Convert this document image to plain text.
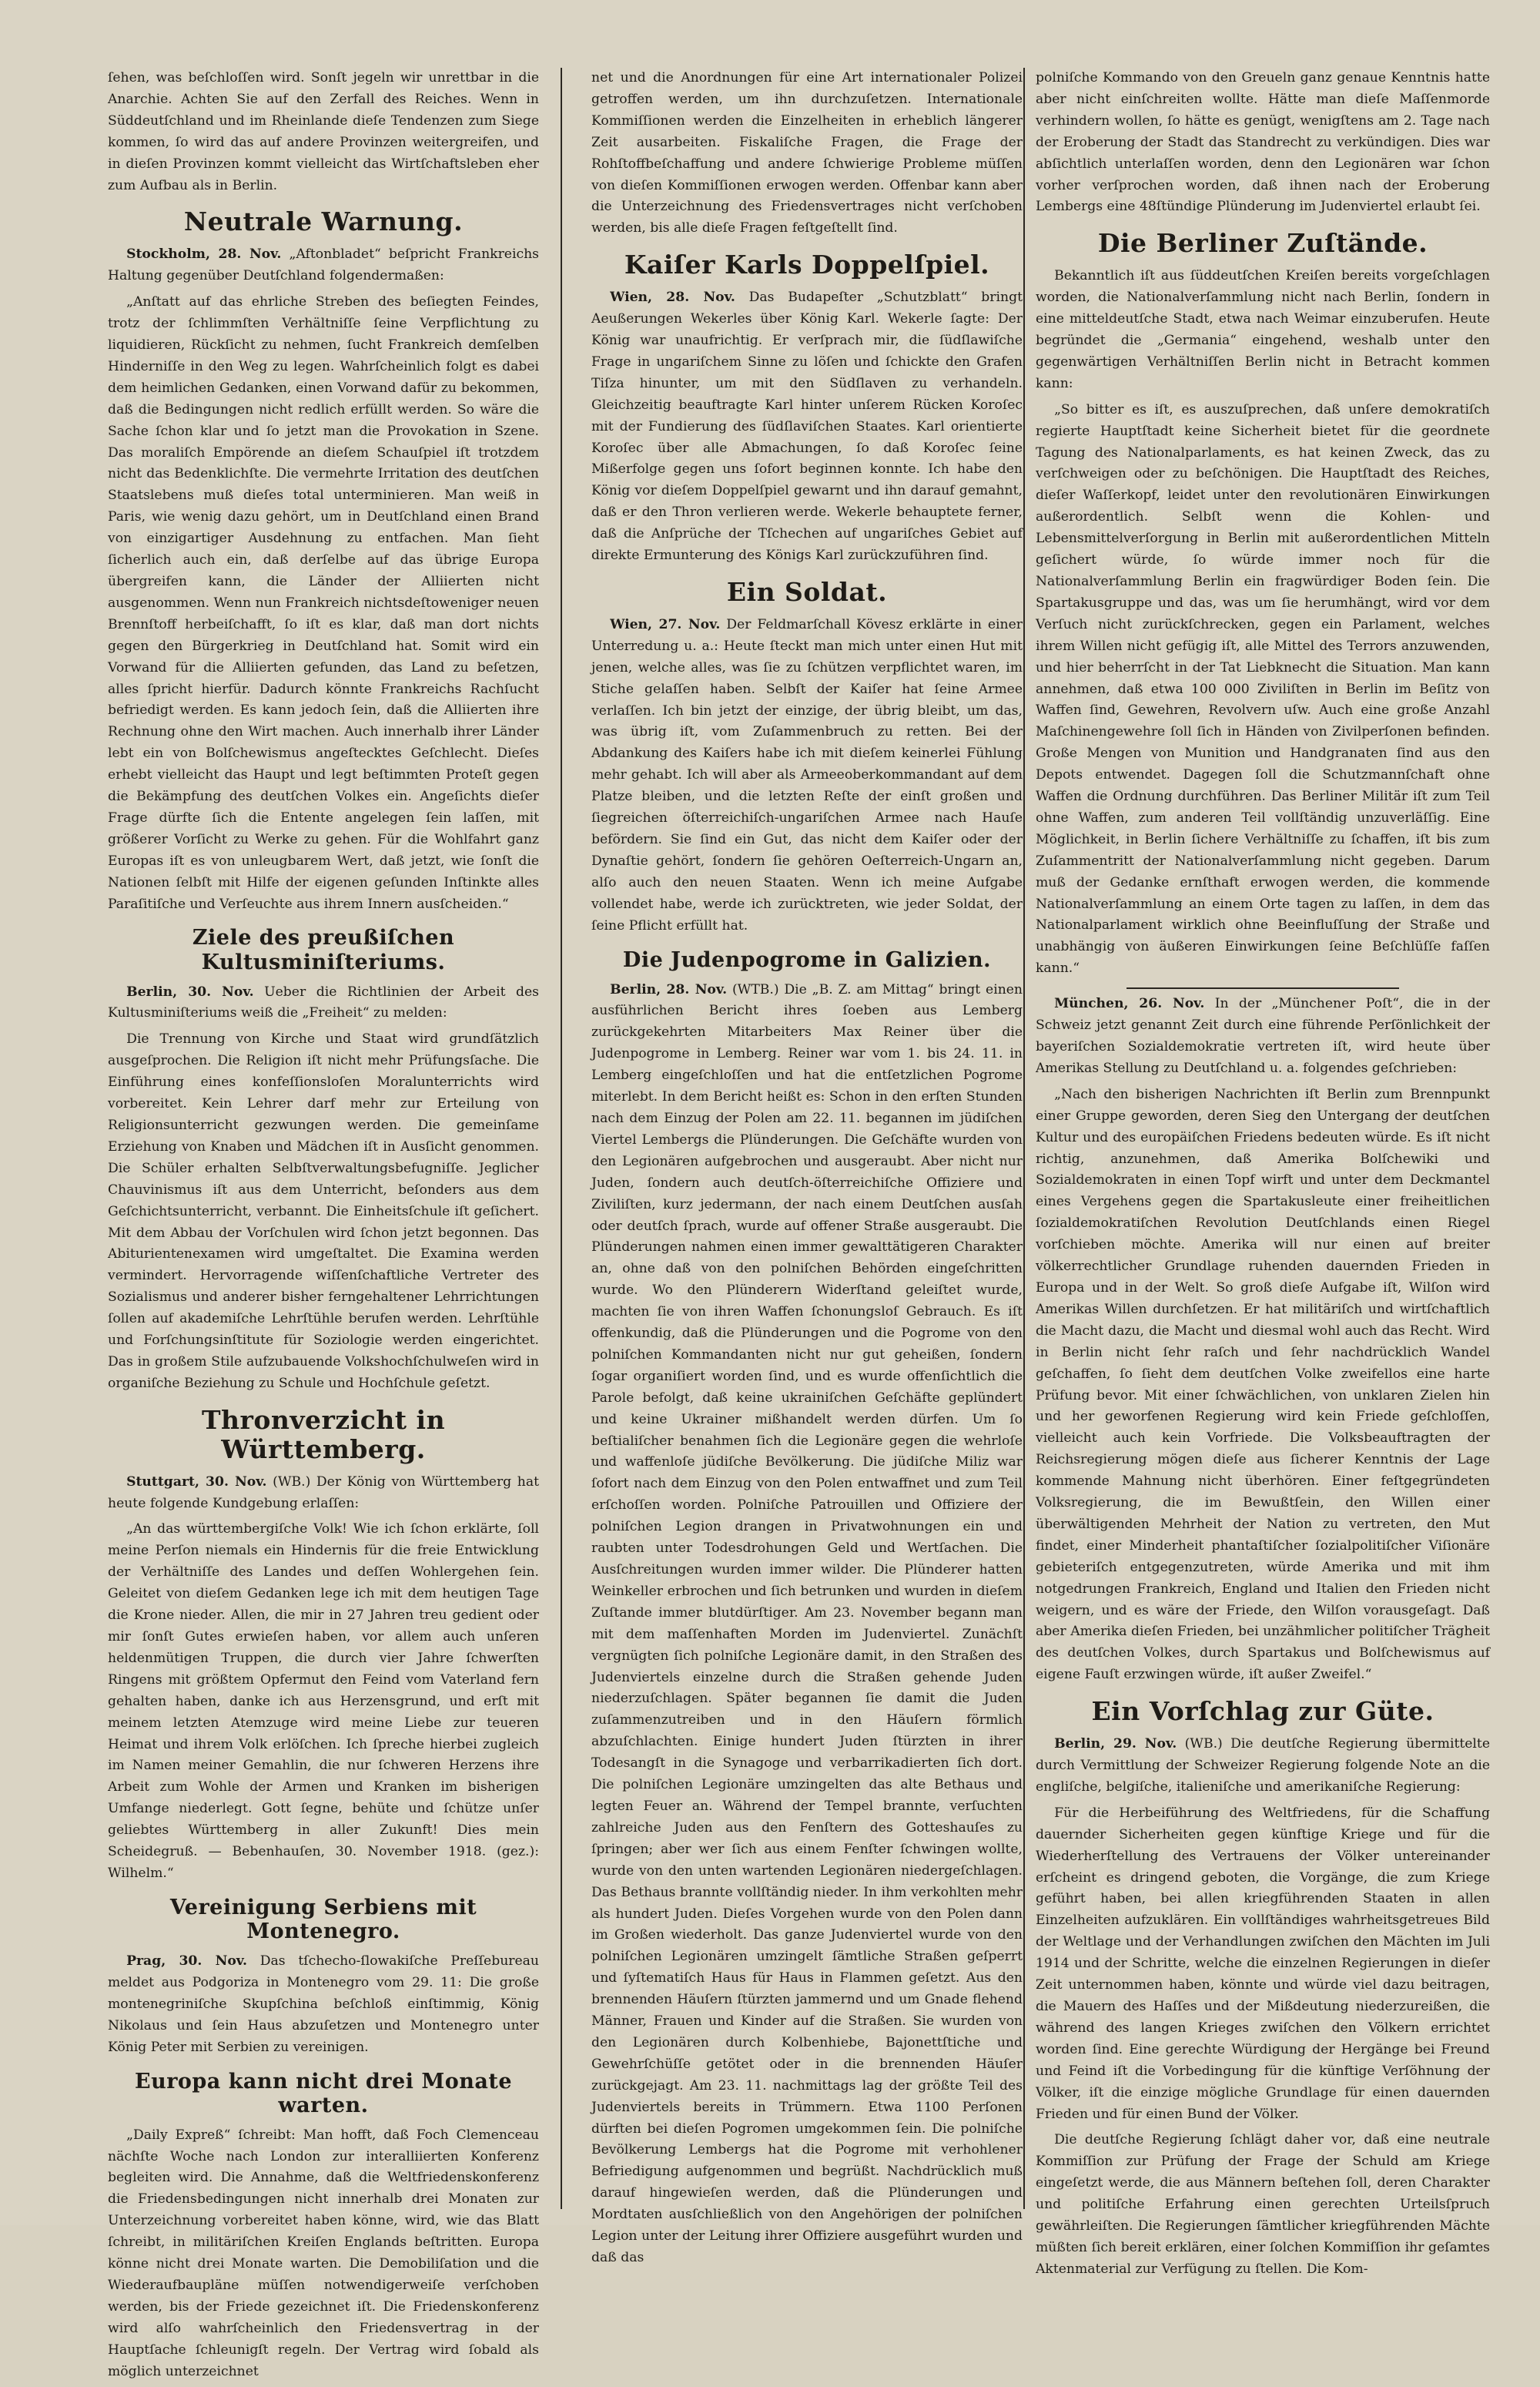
ſehen, was beſchloſſen wird. Sonſt jegeln wir unrettbar in die Anarchie. Achten Sie auf den Zerfall des Reiches. Wenn in Süddeutſchland und im Rheinlande dieſe Tendenzen zum Siege kommen, ſo wird das auf andere Provinzen weitergreifen, und in dieſen Provinzen kommt vielleicht das Wirtſchaftsleben eher zum Aufbau als in Berlin.

Neutrale Warnung.

Stockholm, 28. Nov. „Aftonbladet“ beſpricht Frankreichs Haltung gegenüber Deutſchland folgendermaßen:

„Anſtatt auf das ehrliche Streben des beſiegten Feindes, trotz der ſchlimmſten Verhältniſſe ſeine Verpflichtung zu liquidieren, Rückſicht zu nehmen, ſucht Frankreich demſelben Hinderniſſe in den Weg zu legen. Wahrſcheinlich folgt es dabei dem heimlichen Gedanken, einen Vorwand dafür zu bekommen, daß die Bedingungen nicht redlich erfüllt werden. So wäre die Sache ſchon klar und ſo jetzt man die Provokation in Szene. Das moraliſch Empörende an dieſem Schauſpiel iſt trotzdem nicht das Bedenklichſte. Die vermehrte Irritation des deutſchen Staatslebens muß dieſes total unterminieren. Man weiß in Paris, wie wenig dazu gehört, um in Deutſchland einen Brand von einzigartiger Ausdehnung zu entfachen. Man ſieht ſicherlich auch ein, daß derſelbe auf das übrige Europa übergreifen kann, die Länder der Alliierten nicht ausgenommen. Wenn nun Frankreich nichtsdeſtoweniger neuen Brennſtoff herbeiſchafft, ſo iſt es klar, daß man dort nichts gegen den Bürgerkrieg in Deutſchland hat. Somit wird ein Vorwand für die Alliierten gefunden, das Land zu beſetzen, alles ſpricht hierfür. Dadurch könnte Frankreichs Rachſucht befriedigt werden. Es kann jedoch ſein, daß die Alliierten ihre Rechnung ohne den Wirt machen. Auch innerhalb ihrer Länder lebt ein von Bolſchewismus angeſtecktes Geſchlecht. Dieſes erhebt vielleicht das Haupt und legt beſtimmten Proteſt gegen die Bekämpfung des deutſchen Volkes ein. Angeſichts dieſer Frage dürfte ſich die Entente angelegen ſein laſſen, mit größerer Vorſicht zu Werke zu gehen. Für die Wohlfahrt ganz Europas iſt es von unleugbarem Wert, daß jetzt, wie ſonſt die Nationen ſelbſt mit Hilfe der eigenen geſunden Inſtinkte alles Paraſitiſche und Verſeuchte aus ihrem Innern ausſcheiden.“

Ziele des preußiſchen Kultusminiſteriums.

Berlin, 30. Nov. Ueber die Richtlinien der Arbeit des Kultusminiſteriums weiß die „Freiheit“ zu melden:

Die Trennung von Kirche und Staat wird grundſätzlich ausgeſprochen. Die Religion iſt nicht mehr Prüfungsſache. Die Einführung eines konfeſſionsloſen Moralunterrichts wird vorbereitet. Kein Lehrer darf mehr zur Erteilung von Religionsunterricht gezwungen werden. Die gemeinſame Erziehung von Knaben und Mädchen iſt in Ausſicht genommen. Die Schüler erhalten Selbſtverwaltungsbefugniſſe. Jeglicher Chauvinismus iſt aus dem Unterricht, beſonders aus dem Geſchichtsunterricht, verbannt. Die Einheitsſchule iſt geſichert. Mit dem Abbau der Vorſchulen wird ſchon jetzt begonnen. Das Abiturientenexamen wird umgeſtaltet. Die Examina werden vermindert. Hervorragende wiſſenſchaftliche Vertreter des Sozialismus und anderer bisher ferngehaltener Lehrrichtungen ſollen auf akademiſche Lehrſtühle berufen werden. Lehrſtühle und Forſchungsinſtitute für Soziologie werden eingerichtet. Das in großem Stile aufzubauende Volkshochſchulweſen wird in organiſche Beziehung zu Schule und Hochſchule geſetzt.

Thronverzicht in Württemberg.

Stuttgart, 30. Nov. (WB.) Der König von Württemberg hat heute folgende Kundgebung erlaſſen:

„An das württembergiſche Volk! Wie ich ſchon erklärte, ſoll meine Perſon niemals ein Hindernis für die freie Entwicklung der Verhältniſſe des Landes und deſſen Wohlergehen ſein. Geleitet von dieſem Gedanken lege ich mit dem heutigen Tage die Krone nieder. Allen, die mir in 27 Jahren treu gedient oder mir ſonſt Gutes erwieſen haben, vor allem auch unſeren heldenmütigen Truppen, die durch vier Jahre ſchwerſten Ringens mit größtem Opfermut den Feind vom Vaterland fern gehalten haben, danke ich aus Herzensgrund, und erſt mit meinem letzten Atemzuge wird meine Liebe zur teueren Heimat und ihrem Volk erlöſchen. Ich ſpreche hierbei zugleich im Namen meiner Gemahlin, die nur ſchweren Herzens ihre Arbeit zum Wohle der Armen und Kranken im bisherigen Umfange niederlegt. Gott ſegne, behüte und ſchütze unſer geliebtes Württemberg in aller Zukunft! Dies mein Scheidegruß. — Bebenhauſen, 30. November 1918. (gez.): Wilhelm.“

Vereinigung Serbiens mit Montenegro.

Prag, 30. Nov. Das tſchecho-ſlowakiſche Preſſebureau meldet aus Podgoriza in Montenegro vom 29. 11: Die große montenegriniſche Skupſchina beſchloß einſtimmig, König Nikolaus und ſein Haus abzuſetzen und Montenegro unter König Peter mit Serbien zu vereinigen.

Europa kann nicht drei Monate warten.

„Daily Expreß“ ſchreibt: Man hofft, daß Foch Clemenceau nächſte Woche nach London zur interalliierten Konferenz begleiten wird. Die Annahme, daß die Weltfriedenskonferenz die Friedensbedingungen nicht innerhalb drei Monaten zur Unterzeichnung vorbereitet haben könne, wird, wie das Blatt ſchreibt, in militäriſchen Kreiſen Englands beſtritten. Europa könne nicht drei Monate warten. Die Demobiliſation und die Wiederaufbaupläne müſſen notwendigerweiſe verſchoben werden, bis der Friede gezeichnet iſt. Die Friedenskonferenz wird alſo wahrſcheinlich den Friedensvertrag in der Hauptſache ſchleunigſt regeln. Der Vertrag wird ſobald als möglich unterzeichnet

net und die Anordnungen für eine Art internationaler Polizei getroffen werden, um ihn durchzuſetzen. Internationale Kommiſſionen werden die Einzelheiten in erheblich längerer Zeit ausarbeiten. Fiskaliſche Fragen, die Frage der Rohſtoffbeſchaffung und andere ſchwierige Probleme müſſen von dieſen Kommiſſionen erwogen werden. Offenbar kann aber die Unterzeichnung des Friedensvertrages nicht verſchoben werden, bis alle dieſe Fragen feſtgeſtellt ſind.

Kaiſer Karls Doppelſpiel.

Wien, 28. Nov. Das Budapeſter „Schutzblatt“ bringt Aeußerungen Wekerles über König Karl. Wekerle ſagte: Der König war unaufrichtig. Er verſprach mir, die ſüdſlawiſche Frage in ungariſchem Sinne zu löſen und ſchickte den Grafen Tiſza hinunter, um mit den Südſlaven zu verhandeln. Gleichzeitig beauftragte Karl hinter unſerem Rücken Koroſec mit der Fundierung des ſüdſlaviſchen Staates. Karl orientierte Koroſec über alle Abmachungen, ſo daß Koroſec ſeine Mißerfolge gegen uns ſofort beginnen konnte. Ich habe den König vor dieſem Doppelſpiel gewarnt und ihn darauf gemahnt, daß er den Thron verlieren werde. Wekerle behauptete ferner, daß die Anſprüche der Tſchechen auf ungariſches Gebiet auf direkte Ermunterung des Königs Karl zurückzuführen ſind.

Ein Soldat.

Wien, 27. Nov. Der Feldmarſchall Kövesz erklärte in einer Unterredung u. a.: Heute ſteckt man mich unter einen Hut mit jenen, welche alles, was ſie zu ſchützen verpflichtet waren, im Stiche gelaſſen haben. Selbſt der Kaiſer hat ſeine Armee verlaſſen. Ich bin jetzt der einzige, der übrig bleibt, um das, was übrig iſt, vom Zuſammenbruch zu retten. Bei der Abdankung des Kaiſers habe ich mit dieſem keinerlei Fühlung mehr gehabt. Ich will aber als Armeeoberkommandant auf dem Platze bleiben, und die letzten Reſte der einſt großen und ſiegreichen öſterreichiſch-ungariſchen Armee nach Hauſe befördern. Sie ſind ein Gut, das nicht dem Kaiſer oder der Dynaſtie gehört, ſondern ſie gehören Oeſterreich-Ungarn an, alſo auch den neuen Staaten. Wenn ich meine Aufgabe vollendet habe, werde ich zurücktreten, wie jeder Soldat, der ſeine Pflicht erfüllt hat.

Die Judenpogrome in Galizien.

Berlin, 28. Nov. (WTB.) Die „B. Z. am Mittag“ bringt einen ausführlichen Bericht ihres ſoeben aus Lemberg zurückgekehrten Mitarbeiters Max Reiner über die Judenpogrome in Lemberg. Reiner war vom 1. bis 24. 11. in Lemberg eingeſchloſſen und hat die entſetzlichen Pogrome miterlebt. In dem Bericht heißt es: Schon in den erſten Stunden nach dem Einzug der Polen am 22. 11. begannen im jüdiſchen Viertel Lembergs die Plünderungen. Die Geſchäfte wurden von den Legionären aufgebrochen und ausgeraubt. Aber nicht nur Juden, ſondern auch deutſch-öſterreichiſche Offiziere und Ziviliſten, kurz jedermann, der nach einem Deutſchen ausſah oder deutſch ſprach, wurde auf offener Straße ausgeraubt. Die Plünderungen nahmen einen immer gewalttätigeren Charakter an, ohne daß von den polniſchen Behörden eingeſchritten wurde. Wo den Plünderern Widerſtand geleiſtet wurde, machten ſie von ihren Waffen ſchonungsloſ Gebrauch. Es iſt offenkundig, daß die Plünderungen und die Pogrome von den polniſchen Kommandanten nicht nur gut geheißen, ſondern ſogar organiſiert worden ſind, und es wurde offenſichtlich die Parole befolgt, daß keine ukrainiſchen Geſchäfte geplündert und keine Ukrainer mißhandelt werden dürfen. Um ſo beſtialiſcher benahmen ſich die Legionäre gegen die wehrloſe und waffenloſe jüdiſche Bevölkerung. Die jüdiſche Miliz war ſofort nach dem Einzug von den Polen entwaffnet und zum Teil erſchoſſen worden. Polniſche Patrouillen und Offiziere der polniſchen Legion drangen in Privatwohnungen ein und raubten unter Todesdrohungen Geld und Wertſachen. Die Ausſchreitungen wurden immer wilder. Die Plünderer hatten Weinkeller erbrochen und ſich betrunken und wurden in dieſem Zuſtande immer blutdürſtiger. Am 23. November begann man mit dem maſſenhaften Morden im Judenviertel. Zunächſt vergnügten ſich polniſche Legionäre damit, in den Straßen des Judenviertels einzelne durch die Straßen gehende Juden niederzuſchlagen. Später begannen ſie damit die Juden zuſammenzutreiben und in den Häuſern förmlich abzuſchlachten. Einige hundert Juden ſtürzten in ihrer Todesangſt in die Synagoge und verbarrikadierten ſich dort. Die polniſchen Legionäre umzingelten das alte Bethaus und legten Feuer an. Während der Tempel brannte, verſuchten zahlreiche Juden aus den Fenſtern des Gotteshauſes zu ſpringen; aber wer ſich aus einem Fenſter ſchwingen wollte, wurde von den unten wartenden Legionären niedergeſchlagen. Das Bethaus brannte vollſtändig nieder. In ihm verkohlten mehr als hundert Juden. Dieſes Vorgehen wurde von den Polen dann im Großen wiederholt. Das ganze Judenviertel wurde von den polniſchen Legionären umzingelt ſämtliche Straßen geſperrt und ſyſtematiſch Haus für Haus in Flammen geſetzt. Aus den brennenden Häuſern ſtürzten jammernd und um Gnade flehend Männer, Frauen und Kinder auf die Straßen. Sie wurden von den Legionären durch Kolbenhiebe, Bajonettſtiche und Gewehrſchüſſe getötet oder in die brennenden Häuſer zurückgejagt. Am 23. 11. nachmittags lag der größte Teil des Judenviertels bereits in Trümmern. Etwa 1100 Perſonen dürften bei dieſen Pogromen umgekommen ſein. Die polniſche Bevölkerung Lembergs hat die Pogrome mit verhohlener Befriedigung aufgenommen und begrüßt. Nachdrücklich muß darauf hingewieſen werden, daß die Plünderungen und Mordtaten ausſchließlich von den Angehörigen der polniſchen Legion unter der Leitung ihrer Offiziere ausgeführt wurden und daß das

polniſche Kommando von den Greueln ganz genaue Kenntnis hatte aber nicht einſchreiten wollte. Hätte man dieſe Maſſenmorde verhindern wollen, ſo hätte es genügt, wenigſtens am 2. Tage nach der Eroberung der Stadt das Standrecht zu verkündigen. Dies war abſichtlich unterlaſſen worden, denn den Legionären war ſchon vorher verſprochen worden, daß ihnen nach der Eroberung Lembergs eine 48ſtündige Plünderung im Judenviertel erlaubt ſei.

Die Berliner Zuſtände.

Bekanntlich iſt aus ſüddeutſchen Kreiſen bereits vorgeſchlagen worden, die Nationalverſammlung nicht nach Berlin, ſondern in eine mitteldeutſche Stadt, etwa nach Weimar einzuberufen. Heute begründet die „Germania“ eingehend, weshalb unter den gegenwärtigen Verhältniſſen Berlin nicht in Betracht kommen kann:

„So bitter es iſt, es auszuſprechen, daß unſere demokratiſch regierte Hauptſtadt keine Sicherheit bietet für die geordnete Tagung des Nationalparlaments, es hat keinen Zweck, das zu verſchweigen oder zu beſchönigen. Die Hauptſtadt des Reiches, dieſer Waſſerkopf, leidet unter den revolutionären Einwirkungen außerordentlich. Selbſt wenn die Kohlen- und Lebensmittelverſorgung in Berlin mit außerordentlichen Mitteln geſichert würde, ſo würde immer noch für die Nationalverſammlung Berlin ein fragwürdiger Boden ſein. Die Spartakusgruppe und das, was um ſie herumhängt, wird vor dem Verſuch nicht zurückſchrecken, gegen ein Parlament, welches ihrem Willen nicht gefügig iſt, alle Mittel des Terrors anzuwenden, und hier beherrſcht in der Tat Liebknecht die Situation. Man kann annehmen, daß etwa 100 000 Ziviliſten in Berlin im Beſitz von Waffen ſind, Gewehren, Revolvern uſw. Auch eine große Anzahl Maſchinengewehre ſoll ſich in Händen von Zivilperſonen befinden. Große Mengen von Munition und Handgranaten ſind aus den Depots entwendet. Dagegen ſoll die Schutzmannſchaft ohne Waffen die Ordnung durchführen. Das Berliner Militär iſt zum Teil ohne Waffen, zum anderen Teil vollſtändig unzuverläſſig. Eine Möglichkeit, in Berlin ſichere Verhältniſſe zu ſchaffen, iſt bis zum Zuſammentritt der Nationalverſammlung nicht gegeben. Darum muß der Gedanke ernſthaft erwogen werden, die kommende Nationalverſammlung an einem Orte tagen zu laſſen, in dem das Nationalparlament wirklich ohne Beeinfluſſung der Straße und unabhängig von äußeren Einwirkungen ſeine Beſchlüſſe faſſen kann.“

München, 26. Nov. In der „Münchener Poſt“, die in der Schweiz jetzt genannt Zeit durch eine führende Perſönlichkeit der bayeriſchen Sozialdemokratie vertreten iſt, wird heute über Amerikas Stellung zu Deutſchland u. a. folgendes geſchrieben:

„Nach den bisherigen Nachrichten iſt Berlin zum Brennpunkt einer Gruppe geworden, deren Sieg den Untergang der deutſchen Kultur und des europäiſchen Friedens bedeuten würde. Es iſt nicht richtig, anzunehmen, daß Amerika Bolſchewiki und Sozialdemokraten in einen Topf wirft und unter dem Deckmantel eines Vergehens gegen die Spartakusleute einer freiheitlichen ſozialdemokratiſchen Revolution Deutſchlands einen Riegel vorſchieben möchte. Amerika will nur einen auf breiter völkerrechtlicher Grundlage ruhenden dauernden Frieden in Europa und in der Welt. So groß dieſe Aufgabe iſt, Wilſon wird Amerikas Willen durchſetzen. Er hat militäriſch und wirtſchaftlich die Macht dazu, die Macht und diesmal wohl auch das Recht. Wird in Berlin nicht ſehr raſch und ſehr nachdrücklich Wandel geſchaffen, ſo ſieht dem deutſchen Volke zweifellos eine harte Prüfung bevor. Mit einer ſchwächlichen, von unklaren Zielen hin und her geworfenen Regierung wird kein Friede geſchloſſen, vielleicht auch kein Vorfriede. Die Volksbeauftragten der Reichsregierung mögen dieſe aus ſicherer Kenntnis der Lage kommende Mahnung nicht überhören. Einer feſtgegründeten Volksregierung, die im Bewußtſein, den Willen einer überwältigenden Mehrheit der Nation zu vertreten, den Mut findet, einer Minderheit phantaſtiſcher ſozialpolitiſcher Viſionäre gebieteriſch entgegenzutreten, würde Amerika und mit ihm notgedrungen Frankreich, England und Italien den Frieden nicht weigern, und es wäre der Friede, den Wilſon vorausgeſagt. Daß aber Amerika dieſen Frieden, bei unzähmlicher politiſcher Trägheit des deutſchen Volkes, durch Spartakus und Bolſchewismus auf eigene Fauſt erzwingen würde, iſt außer Zweifel.“

Ein Vorſchlag zur Güte.

Berlin, 29. Nov. (WB.) Die deutſche Regierung übermittelte durch Vermittlung der Schweizer Regierung folgende Note an die engliſche, belgiſche, italieniſche und amerikaniſche Regierung:

Für die Herbeiführung des Weltfriedens, für die Schaffung dauernder Sicherheiten gegen künftige Kriege und für die Wiederherſtellung des Vertrauens der Völker untereinander erſcheint es dringend geboten, die Vorgänge, die zum Kriege geführt haben, bei allen kriegführenden Staaten in allen Einzelheiten aufzuklären. Ein vollſtändiges wahrheitsgetreues Bild der Weltlage und der Verhandlungen zwiſchen den Mächten im Juli 1914 und der Schritte, welche die einzelnen Regierungen in dieſer Zeit unternommen haben, könnte und würde viel dazu beitragen, die Mauern des Haſſes und der Mißdeutung niederzureißen, die während des langen Krieges zwiſchen den Völkern errichtet worden ſind. Eine gerechte Würdigung der Hergänge bei Freund und Feind iſt die Vorbedingung für die künftige Verſöhnung der Völker, iſt die einzige mögliche Grundlage für einen dauernden Frieden und für einen Bund der Völker.

Die deutſche Regierung ſchlägt daher vor, daß eine neutrale Kommiſſion zur Prüfung der Frage der Schuld am Kriege eingeſetzt werde, die aus Männern beſtehen ſoll, deren Charakter und politiſche Erfahrung einen gerechten Urteilsſpruch gewährleiſten. Die Regierungen ſämtlicher kriegführenden Mächte müßten ſich bereit erklären, einer ſolchen Kommiſſion ihr geſamtes Aktenmaterial zur Verfügung zu ſtellen. Die Kom-
